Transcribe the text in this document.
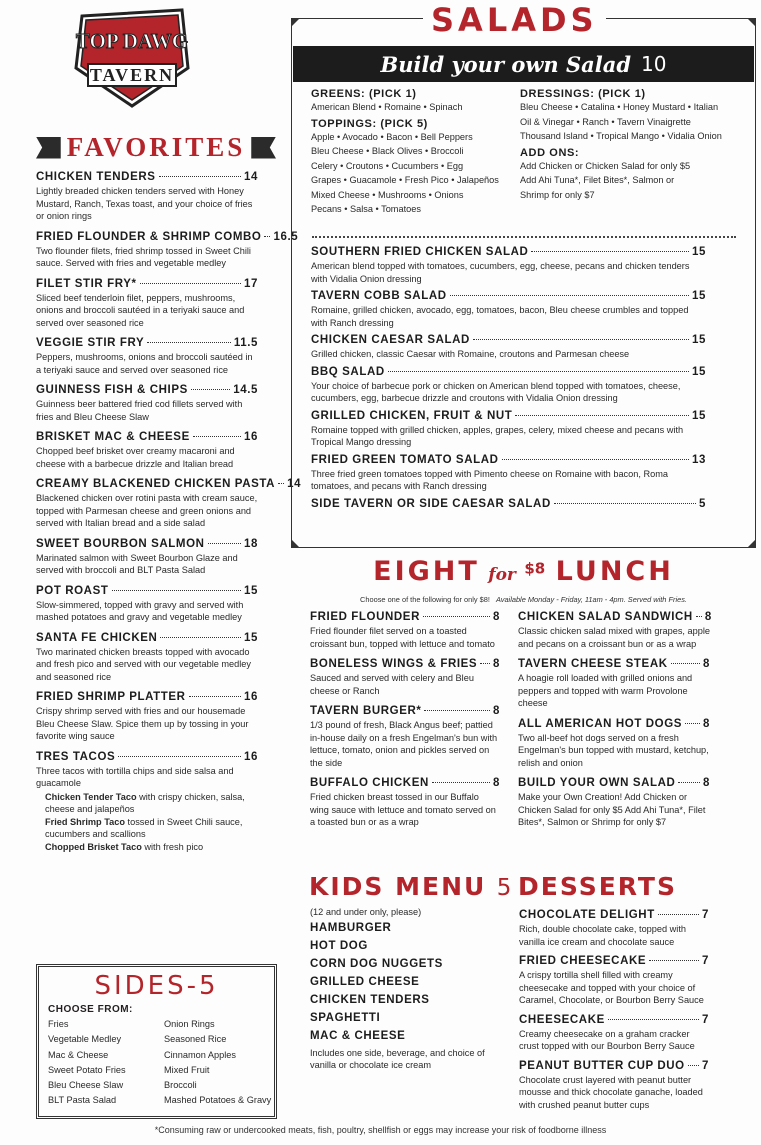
TOP DAWG
TAVERN
FAVORITES
CHICKEN TENDERS	14
Lightly breaded chicken tenders served with Honey Mustard, Ranch, Texas toast, and your choice of fries or onion rings
FRIED FLOUNDER & SHRIMP COMBO 16.5
Two flounder filets, fried shrimp tossed in Sweet Chili sauce. Served with fries and vegetable medley
FILET STIR FRY*	17
Sliced beef tenderloin filet, peppers, mushrooms, onions and broccoli sautéed in a teriyaki sauce and served over seasoned rice
VEGGIE STIR FRY	11.5
Peppers, mushrooms, onions and broccoli sautéed in a teriyaki sauce and served over seasoned rice
GUINNESS FISH & CHIPS	14.5
Guinness beer battered fried cod fillets served with fries and Bleu Cheese Slaw
BRISKET MAC & CHEESE	16
Chopped beef brisket over creamy macaroni and cheese with a barbecue drizzle and Italian bread
CREAMY BLACKENED CHICKEN PASTA 14
Blackened chicken over rotini pasta with cream sauce, topped with Parmesan cheese and green onions and served with Italian bread and a side salad
SWEET BOURBON SALMON	18
Marinated salmon with Sweet Bourbon Glaze and served with broccoli and BLT Pasta Salad
POT ROAST	15
Slow-simmered, topped with gravy and served with mashed potatoes and gravy and vegetable medley
SANTA FE CHICKEN	15
Two marinated chicken breasts topped with avocado and fresh pico and served with our vegetable medley and seasoned rice
FRIED SHRIMP PLATTER	16
Crispy shrimp served with fries and our housemade Bleu Cheese Slaw. Spice them up by tossing in your favorite wing sauce
TRES TACOS	16
Three tacos with tortilla chips and side salsa and guacamole
Chicken Tender Taco with crispy chicken, salsa, cheese and jalapeños
Fried Shrimp Taco tossed in Sweet Chili sauce, cucumbers and scallions
Chopped Brisket Taco with fresh pico
SIDES-5
CHOOSE FROM:
Fries	Onion Rings
Vegetable Medley	Seasoned Rice
Mac & Cheese	Cinnamon Apples
Sweet Potato Fries	Mixed Fruit
Bleu Cheese Slaw	Broccoli
BLT Pasta Salad	Mashed Potatoes & Gravy
SALADS
Build your own Salad 10
GREENS: (PICK 1)
American Blend • Romaine • Spinach
TOPPINGS: (PICK 5)
Apple • Avocado • Bacon • Bell Peppers
Bleu Cheese • Black Olives • Broccoli
Celery • Croutons • Cucumbers • Egg
Grapes • Guacamole • Fresh Pico • Jalapeños
Mixed Cheese • Mushrooms • Onions
Pecans • Salsa • Tomatoes
DRESSINGS: (PICK 1)
Bleu Cheese • Catalina • Honey Mustard • Italian
Oil & Vinegar • Ranch • Tavern Vinaigrette
Thousand Island • Tropical Mango • Vidalia Onion
ADD ONS:
Add Chicken or Chicken Salad for only $5
Add Ahi Tuna*, Filet Bites*, Salmon or
Shrimp for only $7
SOUTHERN FRIED CHICKEN SALAD	15
American blend topped with tomatoes, cucumbers, egg, cheese, pecans and chicken tenders with Vidalia Onion dressing
TAVERN COBB SALAD	15
Romaine, grilled chicken, avocado, egg, tomatoes, bacon, Bleu cheese crumbles and topped with Ranch dressing
CHICKEN CAESAR SALAD	15
Grilled chicken, classic Caesar with Romaine, croutons and Parmesan cheese
BBQ SALAD	15
Your choice of barbecue pork or chicken on American blend topped with tomatoes, cheese, cucumbers, egg, barbecue drizzle and croutons with Vidalia Onion dressing
GRILLED CHICKEN, FRUIT & NUT	15
Romaine topped with grilled chicken, apples, grapes, celery, mixed cheese and pecans with Tropical Mango dressing
FRIED GREEN TOMATO SALAD	13
Three fried green tomatoes topped with Pimento cheese on Romaine with bacon, Roma tomatoes, and pecans with Ranch dressing
SIDE TAVERN OR SIDE CAESAR SALAD	5
EIGHT for $^{\$8}$ LUNCH
Choose one of the following for only $8! Available Monday - Friday, 11am - 4pm. Served with Fries.
FRIED FLOUNDER	8
Fried flounder filet served on a toasted croissant bun, topped with lettuce and tomato
BONELESS WINGS & FRIES 8
Sauced and served with celery and Bleu cheese or Ranch
TAVERN BURGER*	8
1/3 pound of fresh, Black Angus beef; pattied in-house daily on a fresh Engelman's bun with lettuce, tomato, onion and pickles served on the side
BUFFALO CHICKEN	8
Fried chicken breast tossed in our Buffalo wing sauce with lettuce and tomato served on a toasted bun or as a wrap
CHICKEN SALAD SANDWICH 8
Classic chicken salad mixed with grapes, apple and pecans on a croissant bun or as a wrap
TAVERN CHEESE STEAK	8
A hoagie roll loaded with grilled onions and peppers and topped with warm Provolone cheese
ALL AMERICAN HOT DOGS 8
Two all-beef hot dogs served on a fresh Engelman's bun topped with mustard, ketchup, relish and onion
BUILD YOUR OWN SALAD 8
Make your Own Creation! Add Chicken or Chicken Salad for only $5 Add Ahi Tuna*, Filet Bites*, Salmon or Shrimp for only $7
KIDS MENU 5
(12 and under only, please)
HAMBURGER
HOT DOG
CORN DOG NUGGETS
GRILLED CHEESE
CHICKEN TENDERS
SPAGHETTI
MAC & CHEESE
Includes one side, beverage, and choice of vanilla or chocolate ice cream
DESSERTS
CHOCOLATE DELIGHT	7
Rich, double chocolate cake, topped with vanilla ice cream and chocolate sauce
FRIED CHEESECAKE	7
A crispy tortilla shell filled with creamy cheesecake and topped with your choice of Caramel, Chocolate, or Bourbon Berry Sauce
CHEESECAKE	7
Creamy cheesecake on a graham cracker crust topped with our Bourbon Berry Sauce
PEANUT BUTTER CUP DUO 7
Chocolate crust layered with peanut butter mousse and thick chocolate ganache, loaded with crushed peanut butter cups
*Consuming raw or undercooked meats, fish, poultry, shellfish or eggs may increase your risk of foodborne illness
